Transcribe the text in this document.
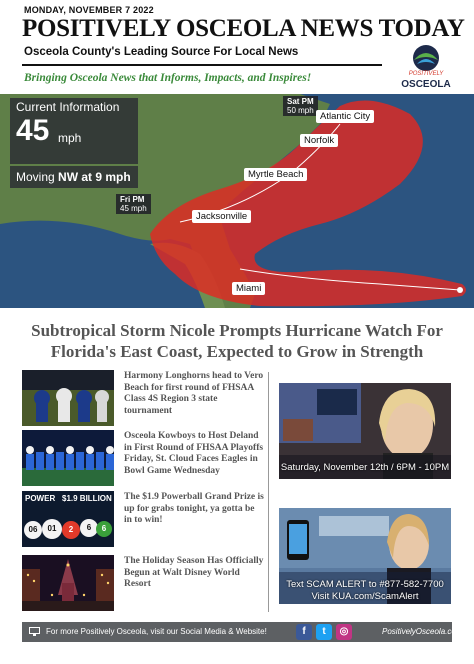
MONDAY, NOVEMBER 7 2022
POSITIVELY OSCEOLA NEWS TODAY
Osceola County's Leading Source For Local News
Bringing Osceola News that Informs, Impacts, and Inspires!	POSITIVELY
OSCEOLA
Current Information
45 mph
Moving NW at 9 mph
Sat PM
50 mph
Fri PM
45 mph
Atlantic City
Norfolk
Myrtle Beach
Jacksonville
Miami
Subtropical Storm Nicole Prompts Hurricane Watch For Florida's East Coast, Expected to Grow in Strength
Harmony Longhorns head to Vero Beach for first round of FHSAA Class 4S Region 3 state tournament
Osceola Kowboys to Host Deland in First Round of FHSAA Playoffs Friday, St. Cloud Faces Eagles in Bowl Game Wednesday
POWER $1.9 BILLION
06	01	2	6	6
The $1.9 Powerball Grand Prize is up for grabs tonight, ya gotta be in to win!
The Holiday Season Has Officially Begun at Walt Disney World Resort
Saturday, November 12th / 6PM - 10PM
Text SCAM ALERT to #877-582-7700
Visit KUA.com/ScamAlert
For more Positively Osceola, visit our Social Media & Website!	f	t	◎	PositivelyOsceola.com
